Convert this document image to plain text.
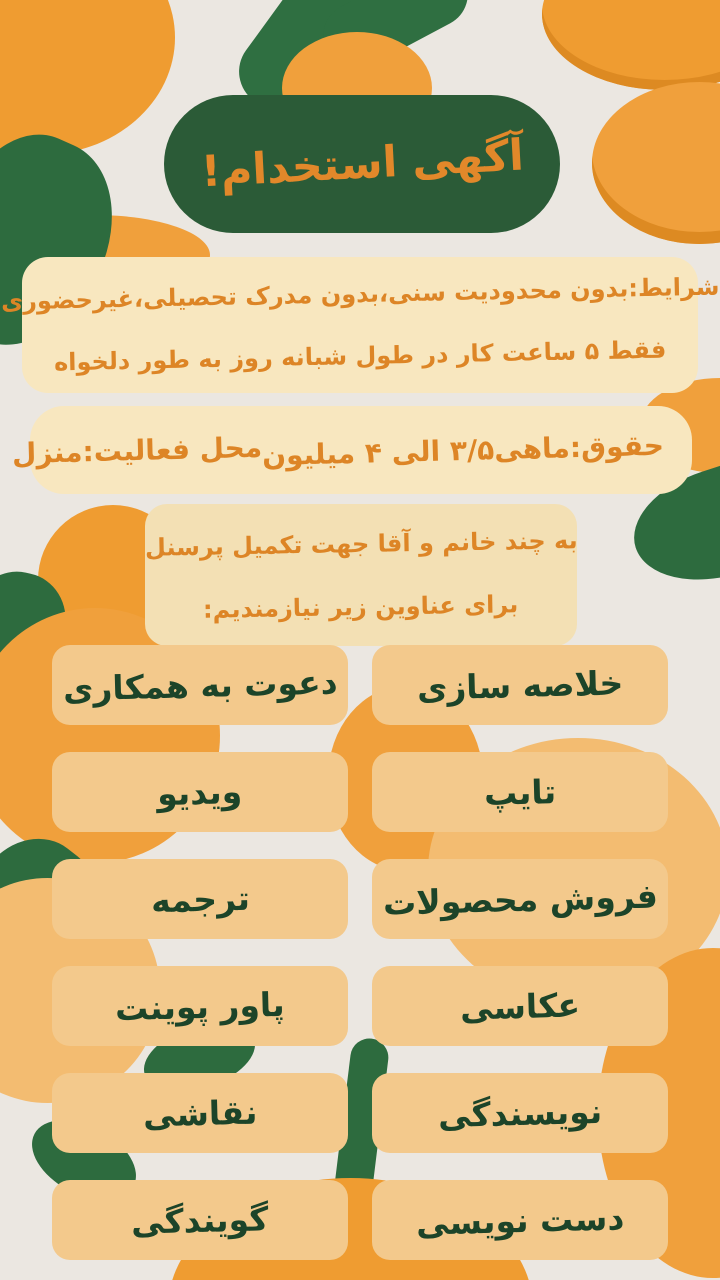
آگهی استخدام!
شرایط:بدون محدودیت سنی،بدون مدرک تحصیلی،غیرحضوری
فقط ۵ ساعت کار در طول شبانه روز به طور دلخواه
حقوق:ماهی۳/۵ الی ۴ میلیون
محل فعالیت:منزل
به چند خانم و آقا جهت تکمیل پرسنل
برای عناوین زیر نیازمندیم:
خلاصه سازی
دعوت به همکاری
تایپ
ویدیو
فروش محصولات
ترجمه
عکاسی
پاور پوینت
نویسندگی
نقاشی
دست نویسی
گویندگی
